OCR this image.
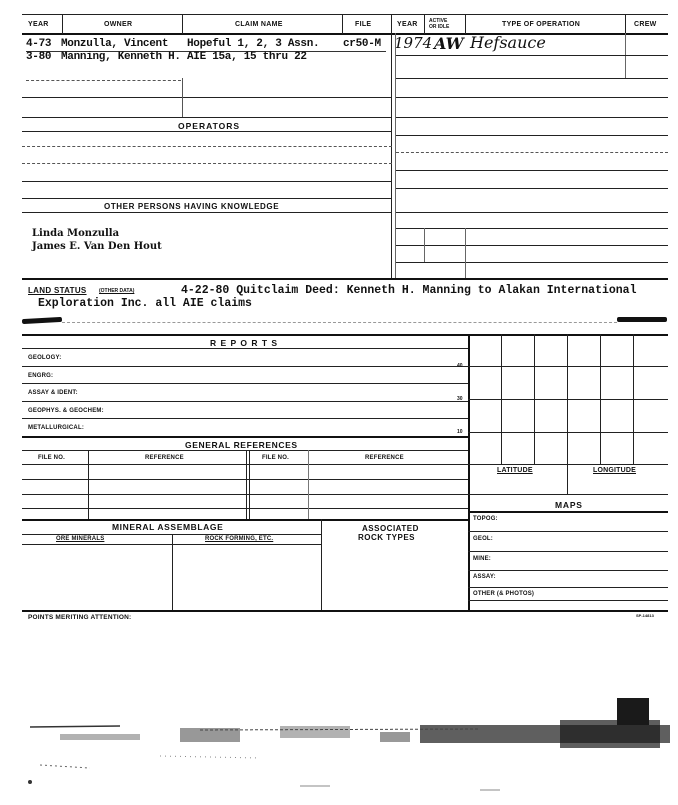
YEAR	OWNER	CLAIM NAME	FILE	YEAR ACTIVE
OR IDLE	TYPE OF OPERATION	CREW
4-73 Monzulla, Vincent Hopeful 1, 2, 3 Assn. cr50-M
3-80 Manning, Kenneth H. AIE 15a, 15 thru 22
1974 AW Hefsauce
OPERATORS
OTHER PERSONS HAVING KNOWLEDGE
Linda Monzulla
James E. Van Den Hout
LAND STATUS (OTHER DATA)	4-22-80 Quitclaim Deed: Kenneth H. Manning to Alakan International
Exploration Inc. all AIE claims
R E P O R T S
GEOLOGY:
ENGRG:
ASSAY & IDENT:
GEOPHYS. & GEOCHEM:
METALLURGICAL:
40
30
10
GENERAL REFERENCES
FILE NO.	REFERENCE	FILE NO.	REFERENCE
MINERAL ASSEMBLAGE
ORE MINERALS	ROCK FORMING, ETC.
ASSOCIATED
ROCK TYPES
LATITUDE	LONGITUDE
MAPS
TOPOG:
GEOL:
MINE:
ASSAY:
OTHER (& PHOTOS)
POINTS MERITING ATTENTION:	SP-14813
